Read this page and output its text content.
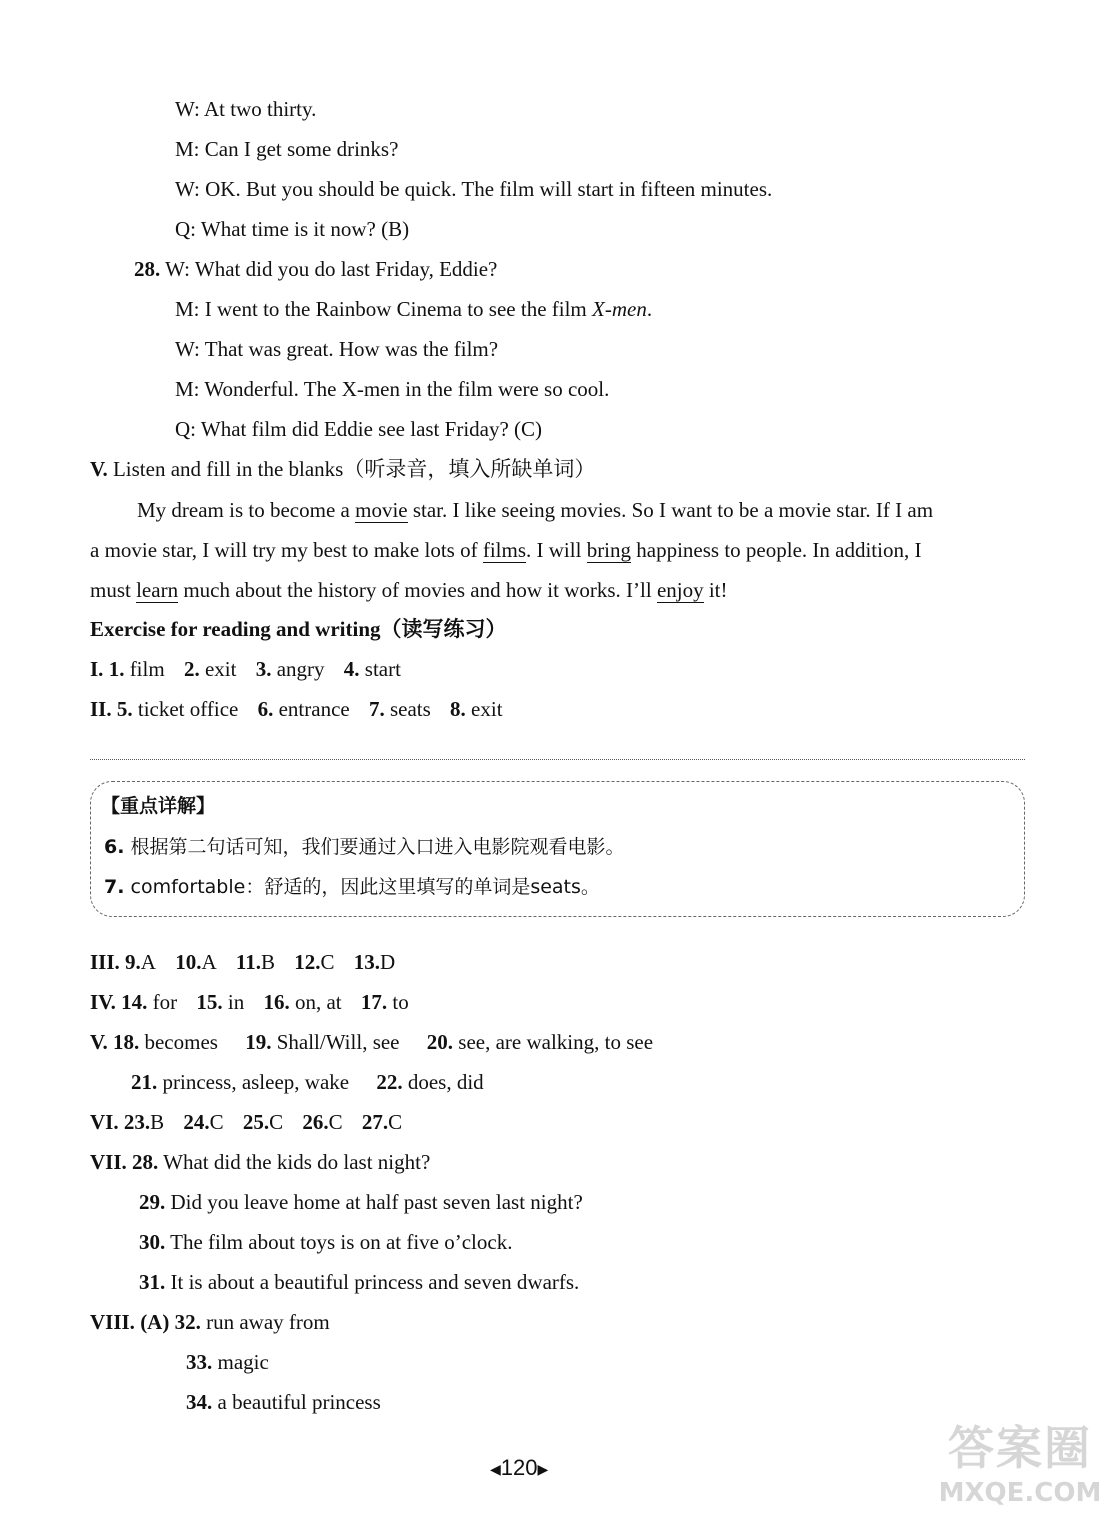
W: At two thirty.
M: Can I get some drinks?
W: OK. But you should be quick. The film will start in fifteen minutes.
Q: What time is it now? (B)
28. W: What did you do last Friday, Eddie?
M: I went to the Rainbow Cinema to see the film X-men.
W: That was great. How was the film?
M: Wonderful. The X-men in the film were so cool.
Q: What film did Eddie see last Friday? (C)
V. Listen and fill in the blanks（听录音，填入所缺单词）
My dream is to become a movie star. I like seeing movies. So I want to be a movie star. If I am
a movie star, I will try my best to make lots of films. I will bring happiness to people. In addition, I
must learn much about the history of movies and how it works. I’ll enjoy it!
Exercise for reading and writing（读写练习）
I. 1. film 2. exit 3. angry 4. start
II. 5. ticket office 6. entrance 7. seats 8. exit
【重点详解】
6. 根据第二句话可知，我们要通过入口进入电影院观看电影。
7. comfortable：舒适的，因此这里填写的单词是seats。
III. 9.A 10.A 11.B 12.C 13.D
IV. 14. for 15. in 16. on, at 17. to
V. 18. becomes 19. Shall/Will, see 20. see, are walking, to see
21. princess, asleep, wake 22. does, did
VI. 23.B 24.C 25.C 26.C 27.C
VII. 28. What did the kids do last night?
29. Did you leave home at half past seven last night?
30. The film about toys is on at five o’clock.
31. It is about a beautiful princess and seven dwarfs.
VIII. (A) 32. run away from
33. magic
34. a beautiful princess
◀120▶	答案圈
MXQE.COM
